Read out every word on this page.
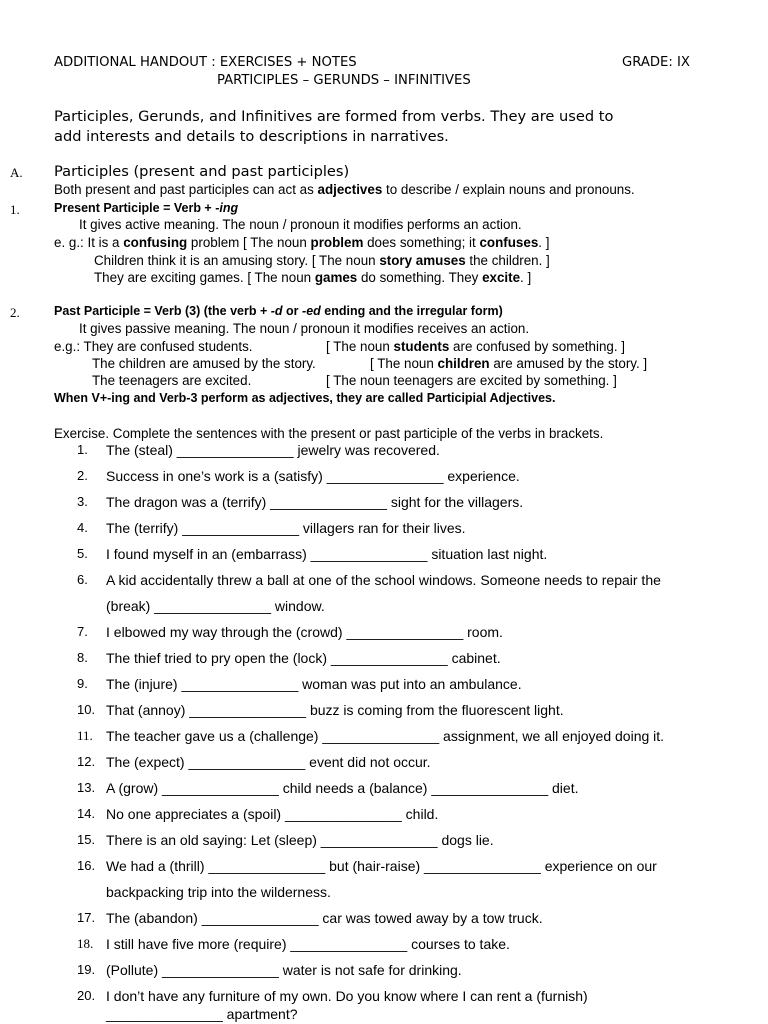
ADDITIONAL HANDOUT : EXERCISES + NOTES	GRADE: IX
PARTICIPLES – GERUNDS – INFINITIVES
Participles, Gerunds, and Infinitives are formed from verbs. They are used to
add interests and details to descriptions in narratives.
A. Participles (present and past participles)
Both present and past participles can act as adjectives to describe / explain nouns and pronouns.
1.	Present Participle = Verb + -ing
It gives active meaning. The noun / pronoun it modifies performs an action.
e. g.: It is a confusing problem [ The noun problem does something; it confuses. ]
Children think it is an amusing story. [ The noun story amuses the children. ]
They are exciting games. [ The noun games do something. They excite. ]
2.	Past Participle = Verb (3) (the verb + -d or -ed ending and the irregular form)
It gives passive meaning. The noun / pronoun it modifies receives an action.
e.g.: They are confused students.	[ The noun students are confused by something. ]
The children are amused by the story.	[ The noun children are amused by the story. ]
The teenagers are excited.	[ The noun teenagers are excited by something. ]
When V+-ing and Verb-3 perform as adjectives, they are called Participial Adjectives.
Exercise. Complete the sentences with the present or past participle of the verbs in brackets.
1. The (steal) _______________ jewelry was recovered.
2. Success in one’s work is a (satisfy) _______________ experience.
3. The dragon was a (terrify) _______________ sight for the villagers.
4. The (terrify) _______________ villagers ran for their lives.
5. I found myself in an (embarrass) _______________ situation last night.
6. A kid accidentally threw a ball at one of the school windows. Someone needs to repair the
(break) _______________ window.
7. I elbowed my way through the (crowd) _______________ room.
8. The thief tried to pry open the (lock) _______________ cabinet.
9. The (injure) _______________ woman was put into an ambulance.
10. That (annoy) _______________ buzz is coming from the fluorescent light.
11. The teacher gave us a (challenge) _______________ assignment, we all enjoyed doing it.
12. The (expect) _______________ event did not occur.
13. A (grow) _______________ child needs a (balance) _______________ diet.
14. No one appreciates a (spoil) _______________ child.
15. There is an old saying: Let (sleep) _______________ dogs lie.
16. We had a (thrill) _______________ but (hair-raise) _______________ experience on our
backpacking trip into the wilderness.
17. The (abandon) _______________ car was towed away by a tow truck.
18. I still have five more (require) _______________ courses to take.
19. (Pollute) _______________ water is not safe for drinking.
20. I don’t have any furniture of my own. Do you know where I can rent a (furnish)
_______________ apartment?
